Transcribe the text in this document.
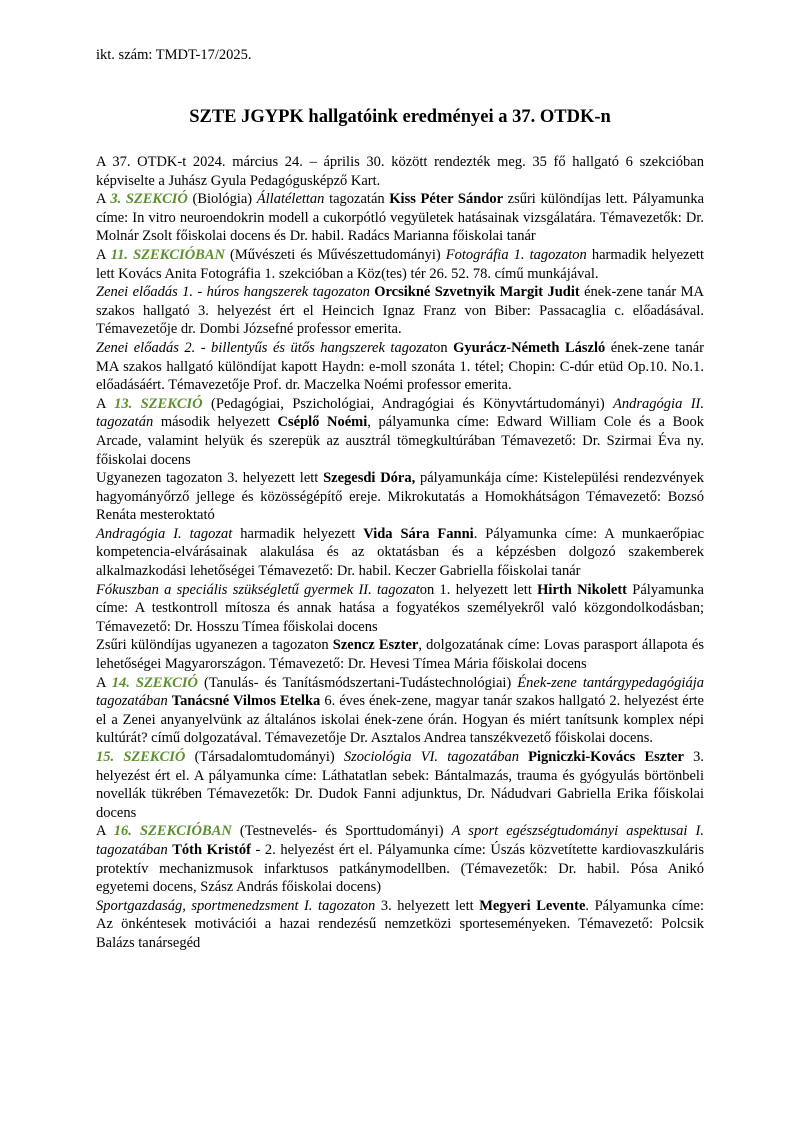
ikt. szám: TMDT-17/2025.
SZTE JGYPK hallgatóink eredményei a 37. OTDK-n

A 37. OTDK-t 2024. március 24. – április 30. között rendezték meg. 35 fő hallgató 6 szekcióban képviselte a Juhász Gyula Pedagógusképző Kart.

A 3. SZEKCIÓ (Biológia) Állatélettan tagozatán Kiss Péter Sándor zsűri különdíjas lett. Pályamunka címe: In vitro neuroendokrin modell a cukorpótló vegyületek hatásainak vizsgálatára. Témavezetők: Dr. Molnár Zsolt főiskolai docens és Dr. habil. Radács Marianna főiskolai tanár

A 11. SZEKCIÓBAN (Művészeti és Művészettudományi) Fotográfia 1. tagozaton harmadik helyezett lett Kovács Anita Fotográfia 1. szekcióban a Köz(tes) tér 26. 52. 78. című munkájával.

Zenei előadás 1. - húros hangszerek tagozaton Orcsikné Szvetnyik Margit Judit ének-zene tanár MA szakos hallgató 3. helyezést ért el Heincich Ignaz Franz von Biber: Passacaglia c. előadásával. Témavezetője dr. Dombi Józsefné professor emerita.

Zenei előadás 2. - billentyűs és ütős hangszerek tagozaton Gyurácz-Németh László ének-zene tanár MA szakos hallgató különdíjat kapott Haydn: e-moll szonáta 1. tétel; Chopin: C-dúr etüd Op.10. No.1. előadásáért. Témavezetője Prof. dr. Maczelka Noémi professor emerita.

A 13. SZEKCIÓ (Pedagógiai, Pszichológiai, Andragógiai és Könyvtártudományi) Andragógia II. tagozatán második helyezett Cséplő Noémi, pályamunka címe: Edward William Cole és a Book Arcade, valamint helyük és szerepük az ausztrál tömegkultúrában Témavezető: Dr. Szirmai Éva ny. főiskolai docens

Ugyanezen tagozaton 3. helyezett lett Szegesdi Dóra, pályamunkája címe: Kistelepülési rendezvények hagyományőrző jellege és közösségépítő ereje. Mikrokutatás a Homokhátságon Témavezető: Bozsó Renáta mesteroktató

Andragógia I. tagozat harmadik helyezett Vida Sára Fanni. Pályamunka címe: A munkaerőpiac kompetencia-elvárásainak alakulása és az oktatásban és a képzésben dolgozó szakemberek alkalmazkodási lehetőségei Témavezető: Dr. habil. Keczer Gabriella főiskolai tanár

Fókuszban a speciális szükségletű gyermek II. tagozaton 1. helyezett lett Hirth Nikolett Pályamunka címe: A testkontroll mítosza és annak hatása a fogyatékos személyekről való közgondolkodásban; Témavezető: Dr. Hosszu Tímea főiskolai docens

Zsűri különdíjas ugyanezen a tagozaton Szencz Eszter, dolgozatának címe: Lovas parasport állapota és lehetőségei Magyarországon. Témavezető: Dr. Hevesi Tímea Mária főiskolai docens

A 14. SZEKCIÓ (Tanulás- és Tanításmódszertani-Tudástechnológiai) Ének-zene tantárgypedagógiája tagozatában Tanácsné Vilmos Etelka 6. éves ének-zene, magyar tanár szakos hallgató 2. helyezést érte el a Zenei anyanyelvünk az általános iskolai ének-zene órán. Hogyan és miért tanítsunk komplex népi kultúrát? című dolgozatával. Témavezetője Dr. Asztalos Andrea tanszékvezető főiskolai docens.

15. SZEKCIÓ (Társadalomtudományi) Szociológia VI. tagozatában Pigniczki-Kovács Eszter 3. helyezést ért el. A pályamunka címe: Láthatatlan sebek: Bántalmazás, trauma és gyógyulás börtönbeli novellák tükrében Témavezetők: Dr. Dudok Fanni adjunktus, Dr. Nádudvari Gabriella Erika főiskolai docens

A 16. SZEKCIÓBAN (Testnevelés- és Sporttudományi) A sport egészségtudományi aspektusai I. tagozatában Tóth Kristóf - 2. helyezést ért el. Pályamunka címe: Úszás közvetítette kardiovaszkuláris protektív mechanizmusok infarktusos patkánymodellben. (Témavezetők: Dr. habil. Pósa Anikó egyetemi docens, Szász András főiskolai docens)

Sportgazdaság, sportmenedzsment I. tagozaton 3. helyezett lett Megyeri Levente. Pályamunka címe: Az önkéntesek motivációi a hazai rendezésű nemzetközi sporteseményeken. Témavezető: Polcsik Balázs tanársegéd
